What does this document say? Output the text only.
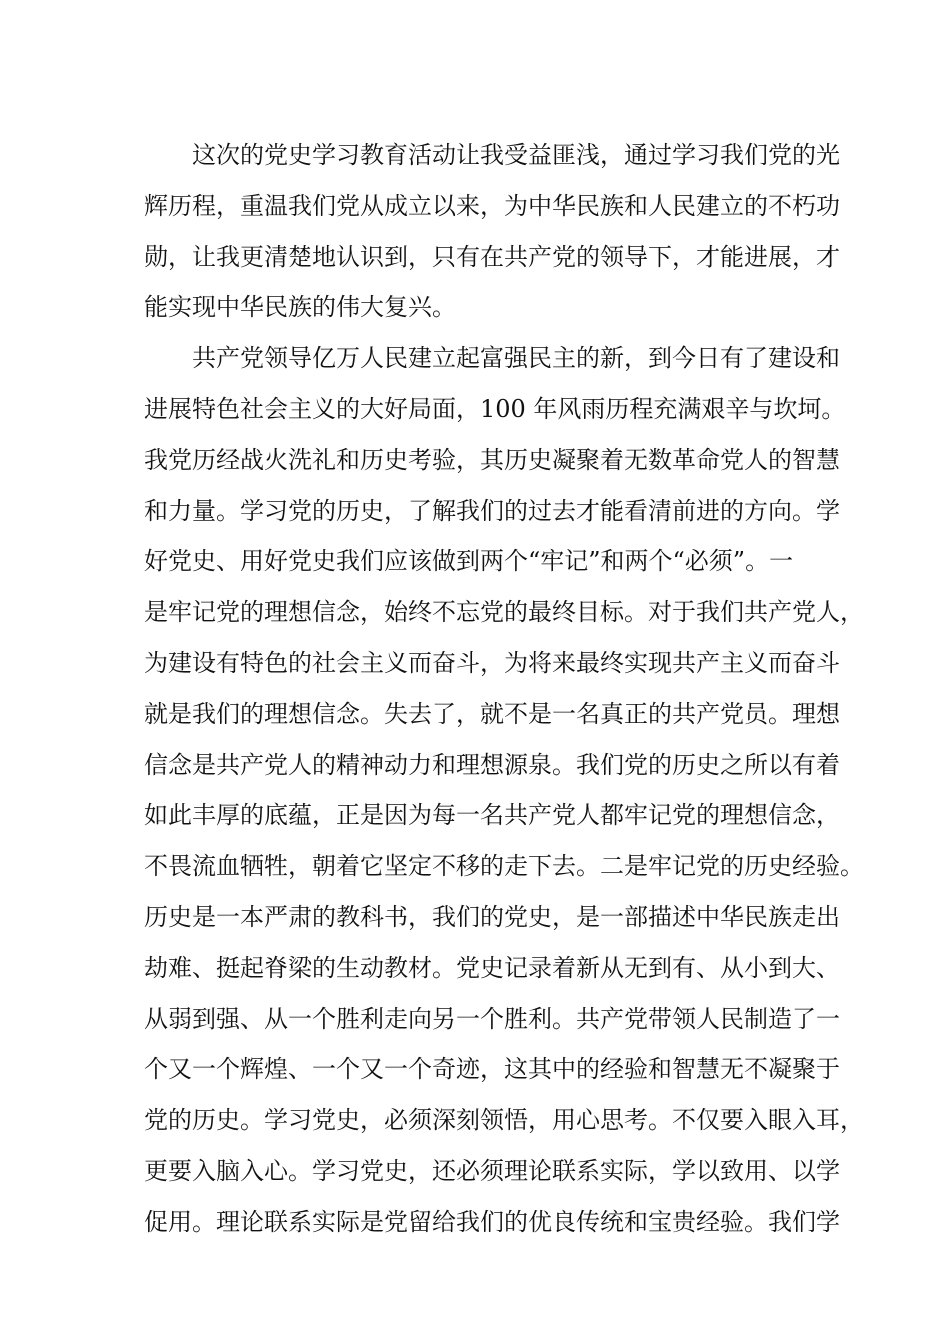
这次的党史学习教育活动让我受益匪浅，通过学习我们党的光
辉历程，重温我们党从成立以来，为中华民族和人民建立的不朽功
勋，让我更清楚地认识到，只有在共产党的领导下，才能进展，才
能实现中华民族的伟大复兴。
共产党领导亿万人民建立起富强民主的新，到今日有了建设和
进展特色社会主义的大好局面，100 年风雨历程充满艰辛与坎坷。
我党历经战火洗礼和历史考验，其历史凝聚着无数革命党人的智慧
和力量。学习党的历史，了解我们的过去才能看清前进的方向。学
好党史、用好党史我们应该做到两个“牢记”和两个“必须”。一
是牢记党的理想信念，始终不忘党的最终目标。对于我们共产党人，
为建设有特色的社会主义而奋斗，为将来最终实现共产主义而奋斗
就是我们的理想信念。失去了，就不是一名真正的共产党员。理想
信念是共产党人的精神动力和理想源泉。我们党的历史之所以有着
如此丰厚的底蕴，正是因为每一名共产党人都牢记党的理想信念，
不畏流血牺牲，朝着它坚定不移的走下去。二是牢记党的历史经验。
历史是一本严肃的教科书，我们的党史，是一部描述中华民族走出
劫难、挺起脊梁的生动教材。党史记录着新从无到有、从小到大、
从弱到强、从一个胜利走向另一个胜利。共产党带领人民制造了一
个又一个辉煌、一个又一个奇迹，这其中的经验和智慧无不凝聚于
党的历史。学习党史，必须深刻领悟，用心思考。不仅要入眼入耳，
更要入脑入心。学习党史，还必须理论联系实际，学以致用、以学
促用。理论联系实际是党留给我们的优良传统和宝贵经验。我们学
